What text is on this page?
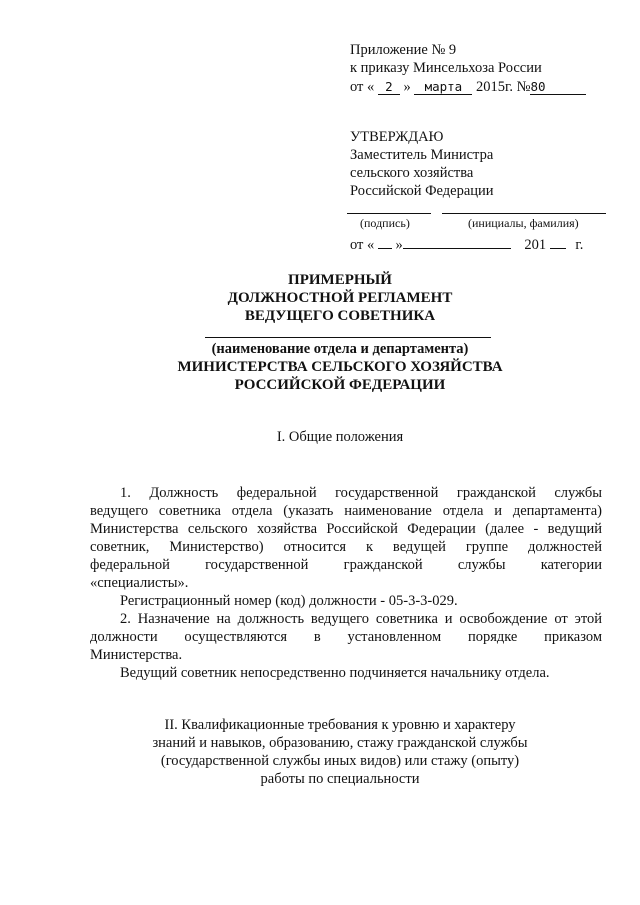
Приложение № 9
к приказу Минсельхоза России
от « 2 » марта 2015г. №80
УТВЕРЖДАЮ
Заместитель Министра
сельского хозяйства
Российской Федерации
(подпись)	(инициалы, фамилия)
от « »	201 г.
ПРИМЕРНЫЙ
ДОЛЖНОСТНОЙ РЕГЛАМЕНТ
ВЕДУЩЕГО СОВЕТНИКА
(наименование отдела и департамента)
МИНИСТЕРСТВА СЕЛЬСКОГО ХОЗЯЙСТВА
РОССИЙСКОЙ ФЕДЕРАЦИИ
I. Общие положения
1. Должность федеральной государственной гражданской службы
ведущего советника отдела (указать наименование отдела и департамента)
Министерства сельского хозяйства Российской Федерации (далее - ведущий
советник, Министерство) относится к ведущей группе должностей
федеральной государственной гражданской службы категории
«специалисты».
Регистрационный номер (код) должности - 05-3-3-029.
2. Назначение на должность ведущего советника и освобождение от этой
должности осуществляются в установленном порядке приказом
Министерства.
Ведущий советник непосредственно подчиняется начальнику отдела.
II. Квалификационные требования к уровню и характеру
знаний и навыков, образованию, стажу гражданской службы
(государственной службы иных видов) или стажу (опыту)
работы по специальности
